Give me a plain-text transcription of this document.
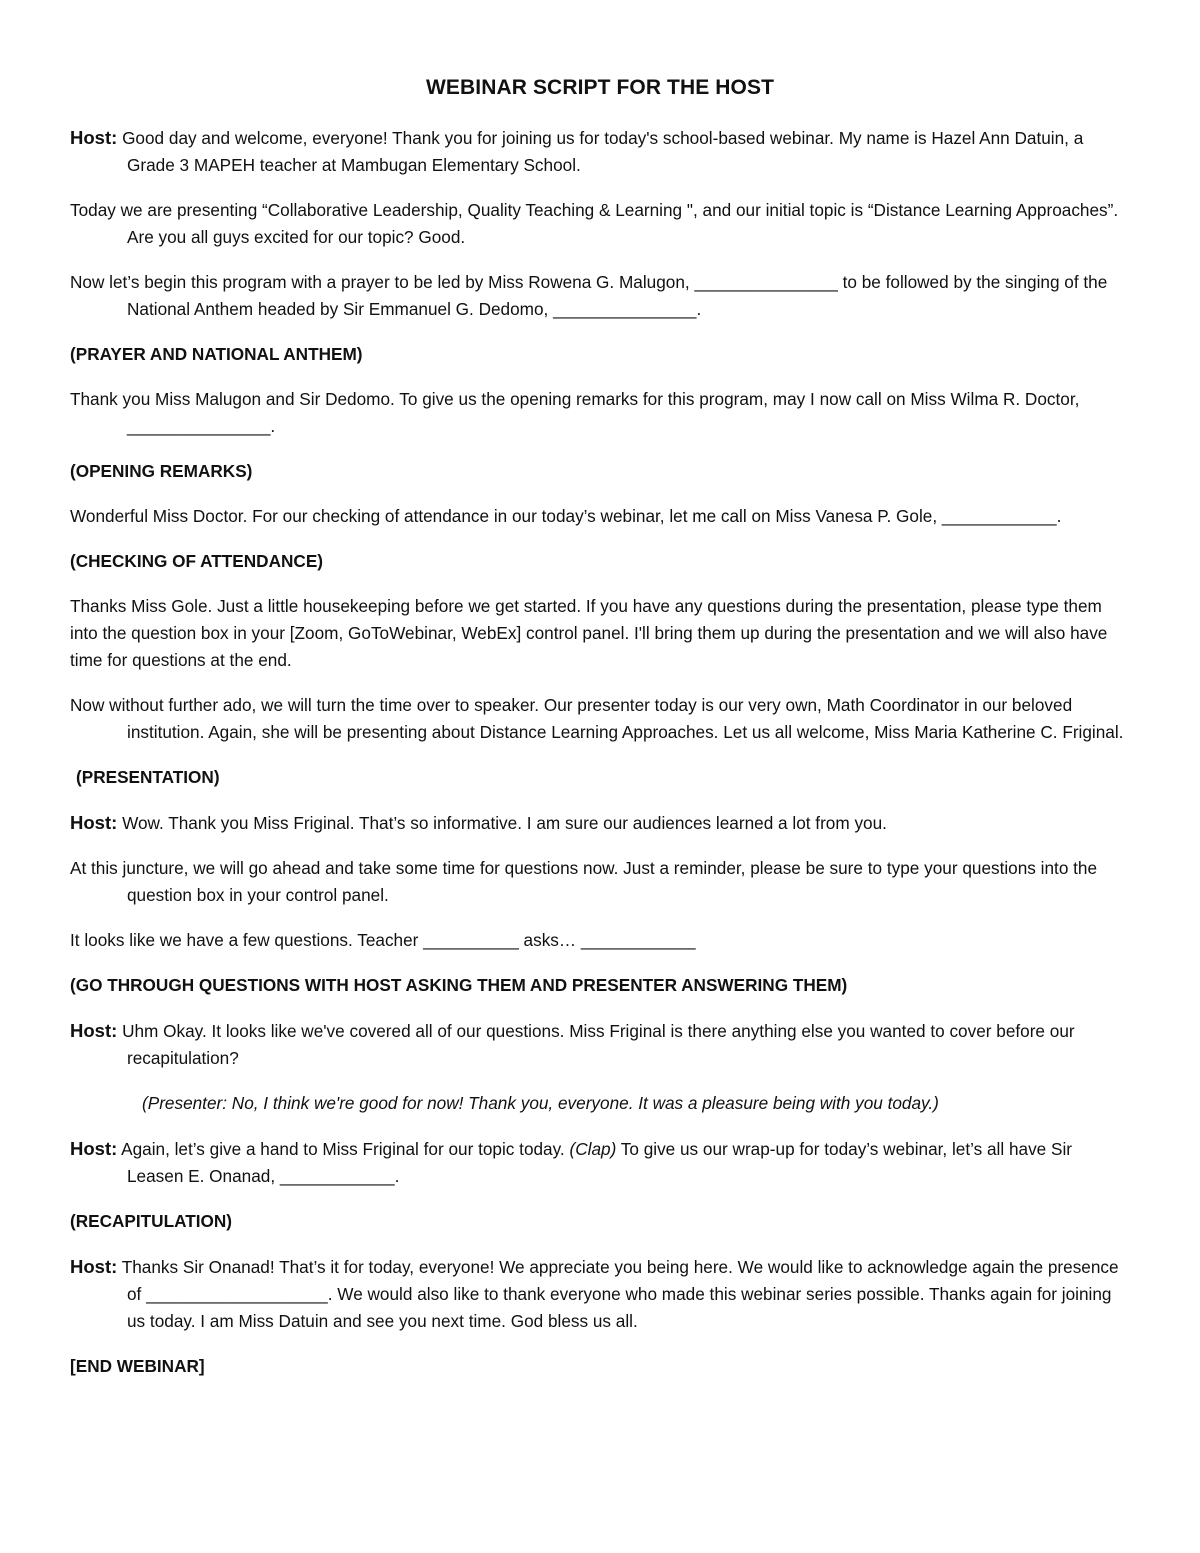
WEBINAR SCRIPT FOR THE HOST

Host: Good day and welcome, everyone! Thank you for joining us for today's school-based webinar. My name is Hazel Ann Datuin, a Grade 3 MAPEH teacher at Mambugan Elementary School.

Today we are presenting “Collaborative Leadership, Quality Teaching & Learning ", and our initial topic is “Distance Learning Approaches”. Are you all guys excited for our topic? Good.

Now let’s begin this program with a prayer to be led by Miss Rowena G. Malugon, _______________ to be followed by the singing of the National Anthem headed by Sir Emmanuel G. Dedomo, _______________.

(PRAYER AND NATIONAL ANTHEM)

Thank you Miss Malugon and Sir Dedomo. To give us the opening remarks for this program, may I now call on Miss Wilma R. Doctor, _______________.

(OPENING REMARKS)

Wonderful Miss Doctor. For our checking of attendance in our today’s webinar, let me call on Miss Vanesa P. Gole, ____________.

(CHECKING OF ATTENDANCE)

Thanks Miss Gole. Just a little housekeeping before we get started. If you have any questions during the presentation, please type them into the question box in your [Zoom, GoToWebinar, WebEx] control panel. I'll bring them up during the presentation and we will also have time for questions at the end.

Now without further ado, we will turn the time over to speaker. Our presenter today is our very own, Math Coordinator in our beloved institution. Again, she will be presenting about Distance Learning Approaches. Let us all welcome, Miss Maria Katherine C. Friginal.

(PRESENTATION)

Host: Wow. Thank you Miss Friginal. That’s so informative. I am sure our audiences learned a lot from you.

At this juncture, we will go ahead and take some time for questions now. Just a reminder, please be sure to type your questions into the question box in your control panel.

It looks like we have a few questions. Teacher __________ asks… ____________

(GO THROUGH QUESTIONS WITH HOST ASKING THEM AND PRESENTER ANSWERING THEM)

Host: Uhm Okay. It looks like we've covered all of our questions. Miss Friginal is there anything else you wanted to cover before our recapitulation?

(Presenter: No, I think we're good for now! Thank you, everyone. It was a pleasure being with you today.)

Host: Again, let’s give a hand to Miss Friginal for our topic today. (Clap) To give us our wrap-up for today’s webinar, let’s all have Sir Leasen E. Onanad, ____________.

(RECAPITULATION)

Host: Thanks Sir Onanad! That’s it for today, everyone! We appreciate you being here. We would like to acknowledge again the presence of ___________________. We would also like to thank everyone who made this webinar series possible. Thanks again for joining us today. I am Miss Datuin and see you next time. God bless us all.

[END WEBINAR]
